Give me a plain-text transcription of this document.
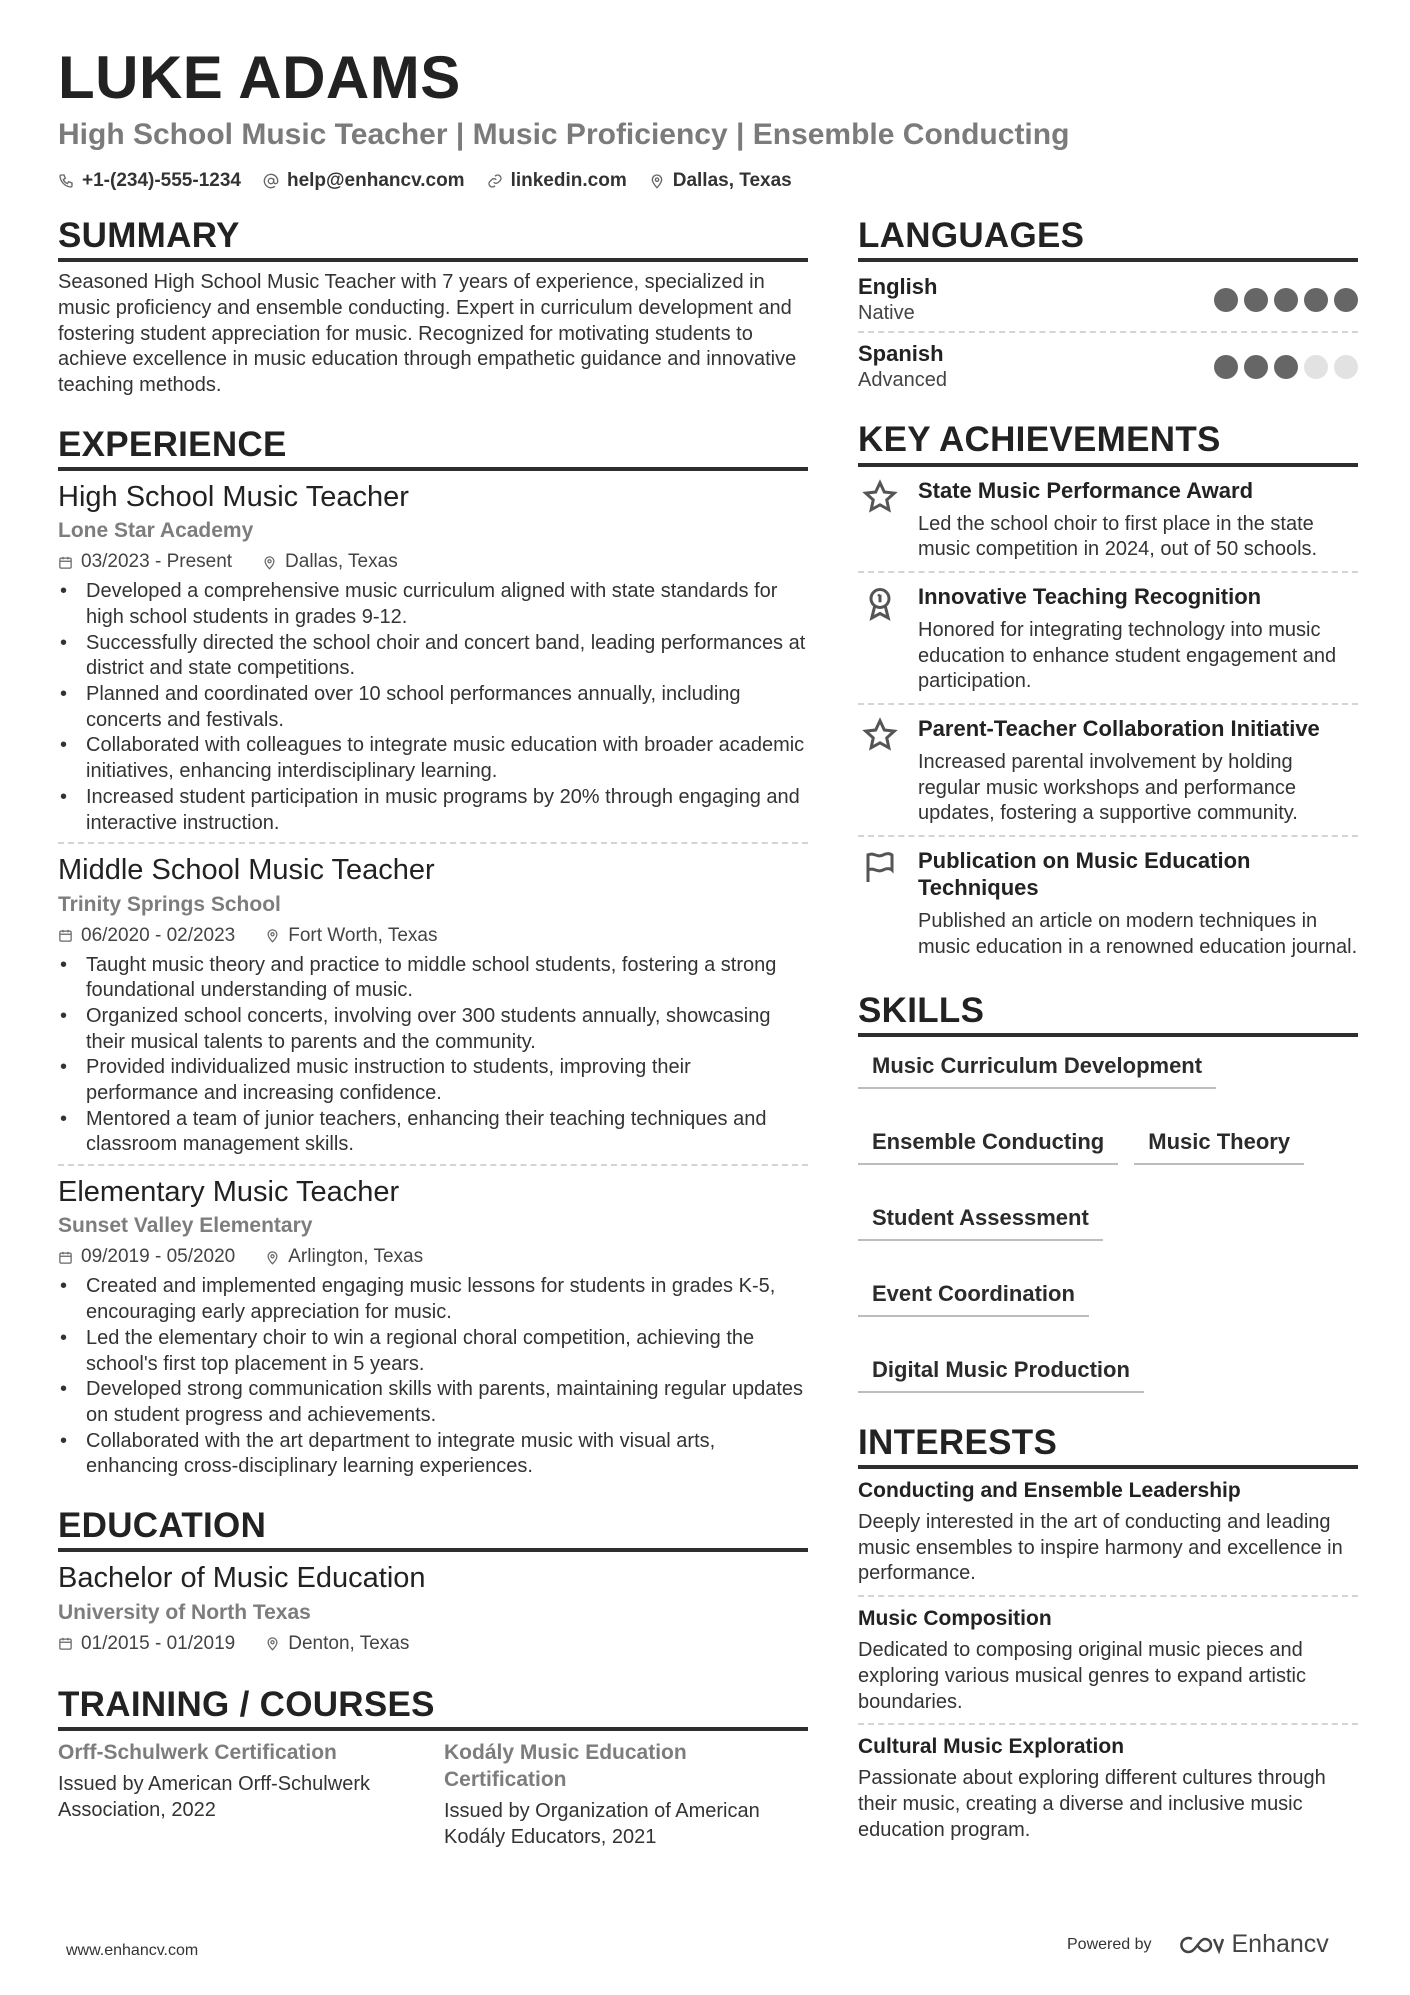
LUKE ADAMS
High School Music Teacher | Music Proficiency | Ensemble Conducting
+1-(234)-555-1234 help@enhancv.com linkedin.com Dallas, Texas
SUMMARY
Seasoned High School Music Teacher with 7 years of experience, specialized in music proficiency and ensemble conducting. Expert in curriculum development and fostering student appreciation for music. Recognized for motivating students to achieve excellence in music education through empathetic guidance and innovative teaching methods.
EXPERIENCE
High School Music Teacher
Lone Star Academy
03/2023 - Present	Dallas, Texas
• Developed a comprehensive music curriculum aligned with state standards for high school students in grades 9-12.
• Successfully directed the school choir and concert band, leading performances at district and state competitions.
• Planned and coordinated over 10 school performances annually, including concerts and festivals.
• Collaborated with colleagues to integrate music education with broader academic initiatives, enhancing interdisciplinary learning.
• Increased student participation in music programs by 20% through engaging and interactive instruction.
Middle School Music Teacher
Trinity Springs School
06/2020 - 02/2023	Fort Worth, Texas
• Taught music theory and practice to middle school students, fostering a strong foundational understanding of music.
• Organized school concerts, involving over 300 students annually, showcasing their musical talents to parents and the community.
• Provided individualized music instruction to students, improving their performance and increasing confidence.
• Mentored a team of junior teachers, enhancing their teaching techniques and classroom management skills.
Elementary Music Teacher
Sunset Valley Elementary
09/2019 - 05/2020	Arlington, Texas
• Created and implemented engaging music lessons for students in grades K-5, encouraging early appreciation for music.
• Led the elementary choir to win a regional choral competition, achieving the school's first top placement in 5 years.
• Developed strong communication skills with parents, maintaining regular updates on student progress and achievements.
• Collaborated with the art department to integrate music with visual arts, enhancing cross-disciplinary learning experiences.
EDUCATION
Bachelor of Music Education
University of North Texas
01/2015 - 01/2019	Denton, Texas
TRAINING / COURSES
Orff-Schulwerk Certification
Issued by American Orff-Schulwerk Association, 2022
Kodály Music Education Certification
Issued by Organization of American Kodály Educators, 2021
LANGUAGES
English
Native
Spanish
Advanced
KEY ACHIEVEMENTS
State Music Performance Award
Led the school choir to first place in the state music competition in 2024, out of 50 schools.
Innovative Teaching Recognition
Honored for integrating technology into music education to enhance student engagement and participation.
Parent-Teacher Collaboration Initiative
Increased parental involvement by holding regular music workshops and performance updates, fostering a supportive community.
Publication on Music Education Techniques
Published an article on modern techniques in music education in a renowned education journal.
SKILLS
Music Curriculum Development
Ensemble Conducting	Music Theory
Student Assessment
Event Coordination
Digital Music Production
INTERESTS
Conducting and Ensemble Leadership
Deeply interested in the art of conducting and leading music ensembles to inspire harmony and excellence in performance.
Music Composition
Dedicated to composing original music pieces and exploring various musical genres to expand artistic boundaries.
Cultural Music Exploration
Passionate about exploring different cultures through their music, creating a diverse and inclusive music education program.
www.enhancv.com	Powered by	Enhancv
